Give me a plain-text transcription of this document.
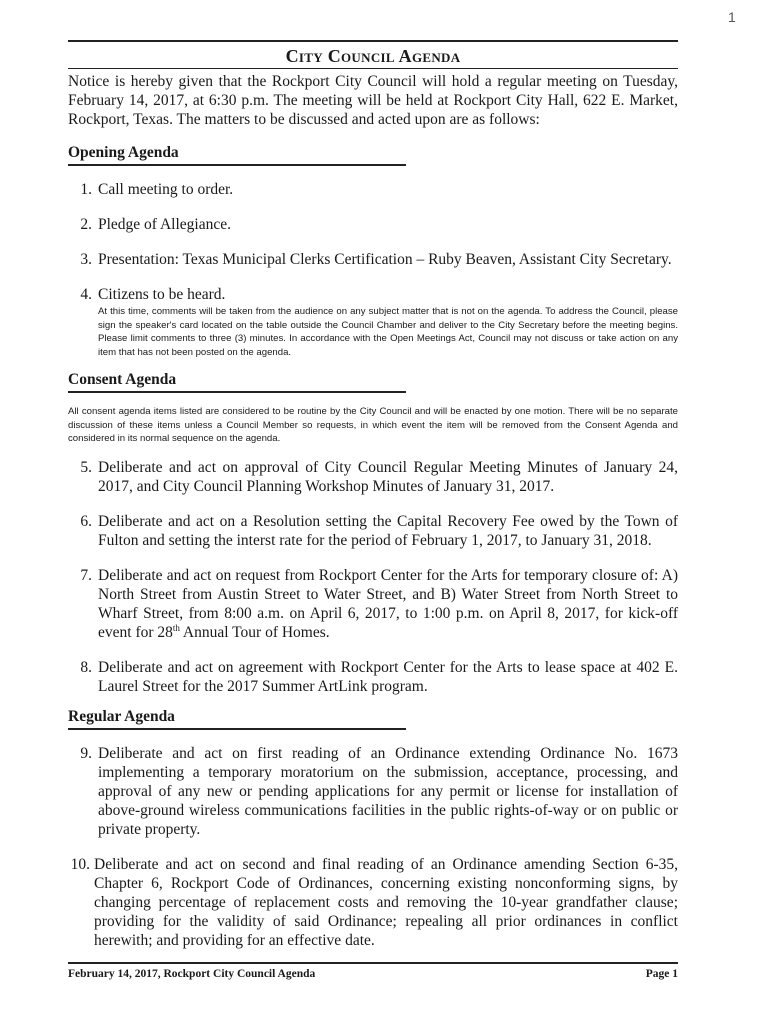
1
City Council Agenda

Notice is hereby given that the Rockport City Council will hold a regular meeting on Tuesday, February 14, 2017, at 6:30 p.m. The meeting will be held at Rockport City Hall, 622 E. Market, Rockport, Texas. The matters to be discussed and acted upon are as follows:

Opening Agenda
1. Call meeting to order.
2. Pledge of Allegiance.
3. Presentation: Texas Municipal Clerks Certification – Ruby Beaven, Assistant City Secretary.
4. Citizens to be heard.
At this time, comments will be taken from the audience on any subject matter that is not on the agenda. To address the Council, please sign the speaker's card located on the table outside the Council Chamber and deliver to the City Secretary before the meeting begins. Please limit comments to three (3) minutes. In accordance with the Open Meetings Act, Council may not discuss or take action on any item that has not been posted on the agenda.
Consent Agenda
All consent agenda items listed are considered to be routine by the City Council and will be enacted by one motion. There will be no separate discussion of these items unless a Council Member so requests, in which event the item will be removed from the Consent Agenda and considered in its normal sequence on the agenda.
5. Deliberate and act on approval of City Council Regular Meeting Minutes of January 24, 2017, and City Council Planning Workshop Minutes of January 31, 2017.
6. Deliberate and act on a Resolution setting the Capital Recovery Fee owed by the Town of Fulton and setting the interst rate for the period of February 1, 2017, to January 31, 2018.
7. Deliberate and act on request from Rockport Center for the Arts for temporary closure of: A) North Street from Austin Street to Water Street, and B) Water Street from North Street to Wharf Street, from 8:00 a.m. on April 6, 2017, to 1:00 p.m. on April 8, 2017, for kick-off event for 28th Annual Tour of Homes.
8. Deliberate and act on agreement with Rockport Center for the Arts to lease space at 402 E. Laurel Street for the 2017 Summer ArtLink program.
Regular Agenda
9. Deliberate and act on first reading of an Ordinance extending Ordinance No. 1673 implementing a temporary moratorium on the submission, acceptance, processing, and approval of any new or pending applications for any permit or license for installation of above-ground wireless communications facilities in the public rights-of-way or on public or private property.
10. Deliberate and act on second and final reading of an Ordinance amending Section 6-35, Chapter 6, Rockport Code of Ordinances, concerning existing nonconforming signs, by changing percentage of replacement costs and removing the 10-year grandfather clause; providing for the validity of said Ordinance; repealing all prior ordinances in conflict herewith; and providing for an effective date.
February 14, 2017, Rockport City Council Agenda	Page 1
